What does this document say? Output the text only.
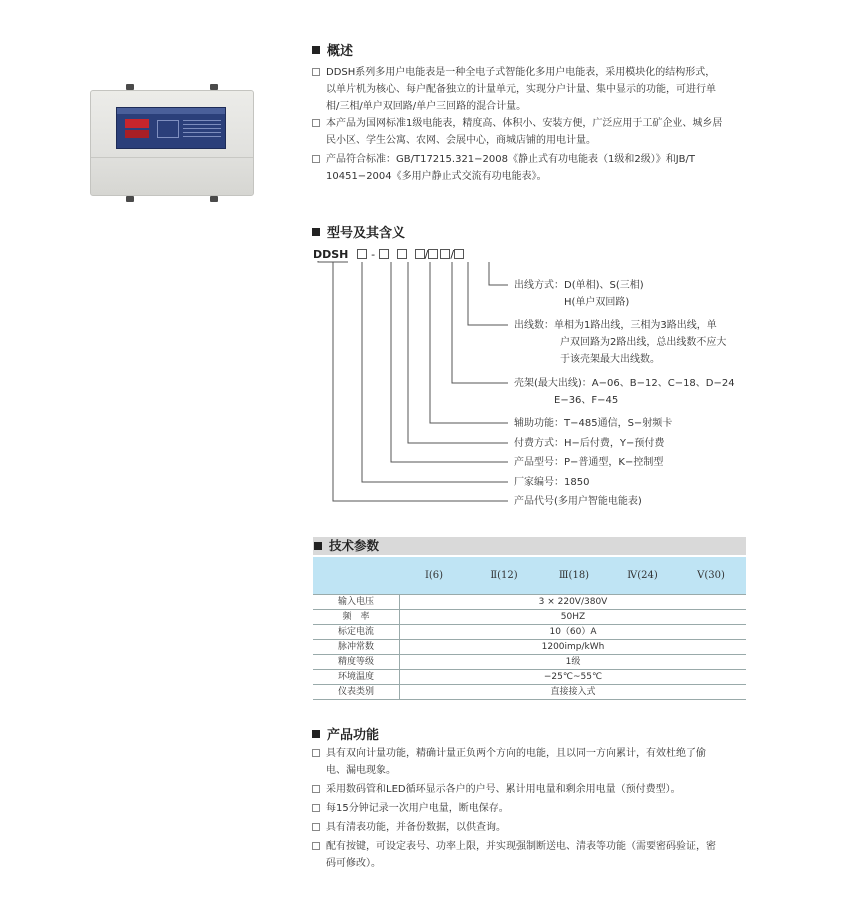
概述

DDSH系列多用户电能表是一种全电子式智能化多用户电能表，采用模块化的结构形式，
以单片机为核心、每户配备独立的计量单元，实现分户计量、集中显示的功能，可进行单
相/三相/单户双回路/单户三回路的混合计量。

本产品为国网标准1级电能表，精度高、体积小、安装方便，广泛应用于工矿企业、城乡居
民小区、学生公寓、农网、会展中心，商城店铺的用电计量。

产品符合标准：GB/T17215.321−2008《静止式有功电能表（1级和2级）》和JB/T
10451−2004《多用户静止式交流有功电能表》。

型号及其含义
DDSH -	/ /
出线方式：D(单相)、S(三相)
H(单户双回路)
出线数：单相为1路出线，三相为3路出线，单
户双回路为2路出线，总出线数不应大
于该壳架最大出线数。
壳架(最大出线)：A−06、B−12、C−18、D−24
E−36、F−45
辅助功能：T−485通信，S−射频卡
付费方式：H−后付费，Y−预付费
产品型号：P−普通型，K−控制型
厂家编号：1850
产品代号(多用户智能电能表)
技术参数
Ⅰ(6)	Ⅱ(12)	Ⅲ(18)	Ⅳ(24)	Ⅴ(30)
输入电压	3 × 220V/380V
频　率	50HZ
标定电流	10（60）A
脉冲常数	1200imp/kWh
精度等级	1级
环境温度	−25℃~55℃
仪表类别	直接接入式
产品功能

具有双向计量功能，精确计量正负两个方向的电能，且以同一方向累计，有效杜绝了偷
电、漏电现象。

采用数码管和LED循环显示各户的户号、累计用电量和剩余用电量（预付费型）。

每15分钟记录一次用户电量，断电保存。

具有清表功能，并备份数据，以供查询。

配有按键，可设定表号、功率上限，并实现强制断送电、清表等功能（需要密码验证，密
码可修改）。
